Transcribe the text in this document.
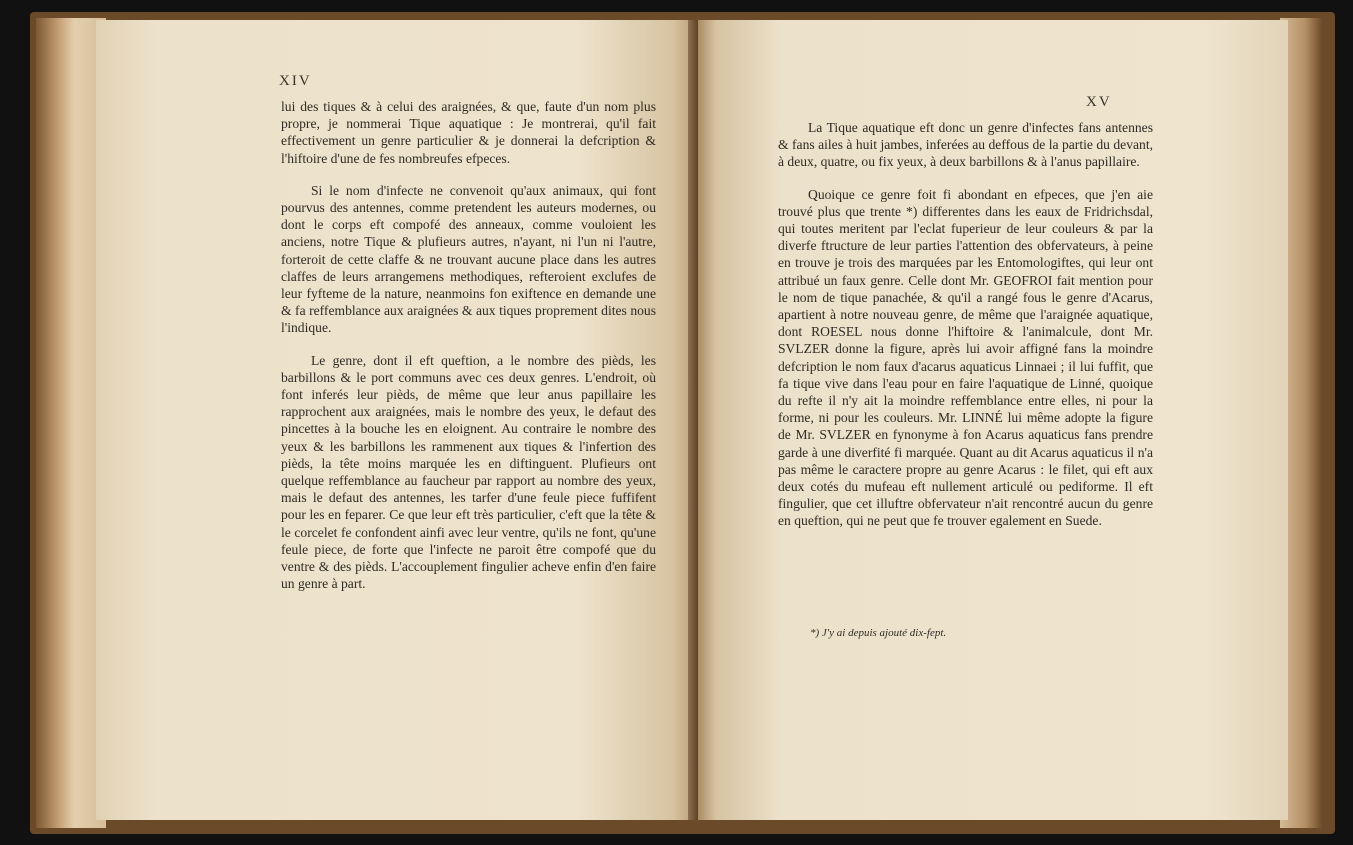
XIV

lui des tiques & à celui des araignées, & que, faute d'un nom plus propre, je nommerai Tique aquatique : Je montrerai, qu'il fait effectivement un genre particulier & je donnerai la defcription & l'hiftoire d'une de fes nombreufes efpeces.

Si le nom d'infecte ne convenoit qu'aux animaux, qui font pourvus des antennes, comme pretendent les auteurs modernes, ou dont le corps eft compofé des anneaux, comme vouloient les anciens, notre Tique & plufieurs autres, n'ayant, ni l'un ni l'autre, forteroit de cette claffe & ne trouvant aucune place dans les autres claffes de leurs arrangemens methodiques, refteroient exclufes de leur fyfteme de la nature, neanmoins fon exiftence en demande une & fa reffemblance aux araignées & aux tiques proprement dites nous l'indique.

Le genre, dont il eft queftion, a le nombre des pièds, les barbillons & le port communs avec ces deux genres. L'endroit, où font inferés leur pièds, de même que leur anus papillaire les rapprochent aux araignées, mais le nombre des yeux, le defaut des pincettes à la bouche les en eloignent. Au contraire le nombre des yeux & les barbillons les rammenent aux tiques & l'infertion des pièds, la tête moins marquée les en diftinguent. Plufieurs ont quelque reffemblance au faucheur par rapport au nombre des yeux, mais le defaut des antennes, les tarfer d'une feule piece fuffifent pour les en feparer. Ce que leur eft très particulier, c'eft que la tête & le corcelet fe confondent ainfi avec leur ventre, qu'ils ne font, qu'une feule piece, de forte que l'infecte ne paroit être compofé que du ventre & des pièds. L'accouplement fingulier acheve enfin d'en faire un genre à part.

XV

La Tique aquatique eft donc un genre d'infectes fans antennes & fans ailes à huit jambes, inferées au deffous de la partie du devant, à deux, quatre, ou fix yeux, à deux barbillons & à l'anus papillaire.

Quoique ce genre foit fi abondant en efpeces, que j'en aie trouvé plus que trente *) differentes dans les eaux de Fridrichsdal, qui toutes meritent par l'eclat fuperieur de leur couleurs & par la diverfe ftructure de leur parties l'attention des obfervateurs, à peine en trouve je trois des marquées par les Entomologiftes, qui leur ont attribué un faux genre. Celle dont Mr. GEOFROI fait mention pour le nom de tique panachée, & qu'il a rangé fous le genre d'Acarus, apartient à notre nouveau genre, de même que l'araignée aquatique, dont ROESEL nous donne l'hiftoire & l'animalcule, dont Mr. SVLZER donne la figure, après lui avoir affigné fans la moindre defcription le nom faux d'acarus aquaticus Linnaei ; il lui fuffit, que fa tique vive dans l'eau pour en faire l'aquatique de Linné, quoique du refte il n'y ait la moindre reffemblance entre elles, ni pour la forme, ni pour les couleurs. Mr. LINNÉ lui même adopte la figure de Mr. SVLZER en fynonyme à fon Acarus aquaticus fans prendre garde à une diverfité fi marquée. Quant au dit Acarus aquaticus il n'a pas même le caractere propre au genre Acarus : le filet, qui eft aux deux cotés du mufeau eft nullement articulé ou pediforme. Il eft fingulier, que cet illuftre obfervateur n'ait rencontré aucun du genre en queftion, qui ne peut que fe trouver egalement en Suede.

*) J'y ai depuis ajouté dix-fept.
